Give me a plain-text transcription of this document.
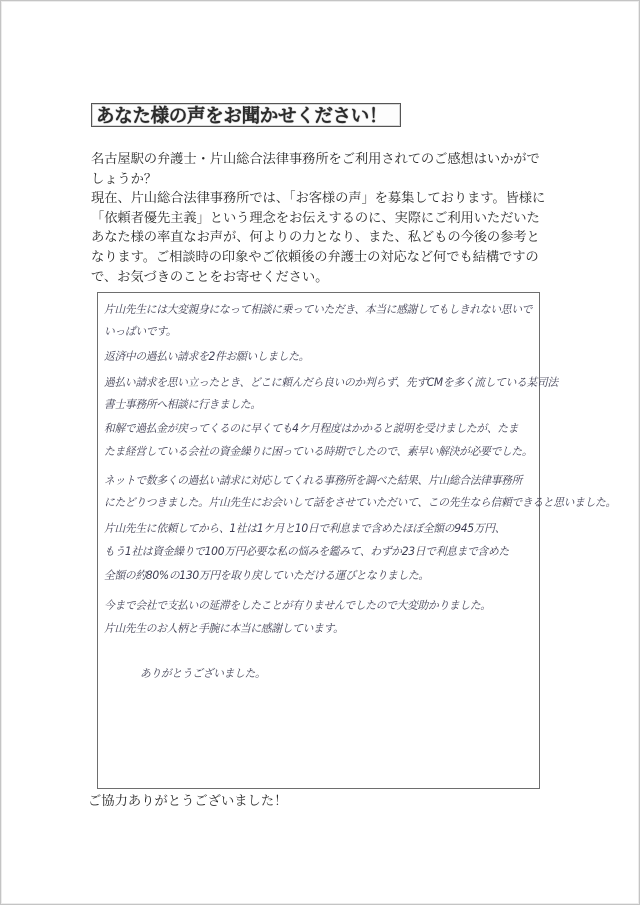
あなた様の声をお聞かせください！

名古屋駅の弁護士・片山総合法律事務所をご利用されてのご感想はいかがでしょうか？

現在、片山総合法律事務所では、「お客様の声」を募集しております。皆様に「依頼者優先主義」という理念をお伝えするのに、実際にご利用いただいたあなた様の率直なお声が、何よりの力となり、また、私どもの今後の参考となります。ご相談時の印象やご依頼後の弁護士の対応など何でも結構ですので、お気づきのことをお寄せください。

片山先生には大変親身になって相談に乗っていただき、本当に感謝してもしきれない思いで
いっぱいです。
返済中の過払い請求を2件お願いしました。
過払い請求を思い立ったとき、どこに頼んだら良いのか判らず、先ずCMを多く流している某司法
書士事務所へ相談に行きました。
和解で過払金が戻ってくるのに早くても4ケ月程度はかかると説明を受けましたが、たま
たま経営している会社の資金繰りに困っている時期でしたので、素早い解決が必要でした。
ネットで数多くの過払い請求に対応してくれる事務所を調べた結果、片山総合法律事務所
にたどりつきました。片山先生にお会いして話をさせていただいて、この先生なら信頼できると思いました。
片山先生に依頼してから、1社は1ケ月と10日で利息まで含めたほぼ全額の945万円、
もう1社は資金繰りで100万円必要な私の悩みを鑑みて、わずか23日で利息まで含めた
全額の約80%の130万円を取り戻していただける運びとなりました。
今まで会社で支払いの延滞をしたことが有りませんでしたので大変助かりました。
片山先生のお人柄と手腕に本当に感謝しています。
ありがとうございました。
ご協力ありがとうございました！
